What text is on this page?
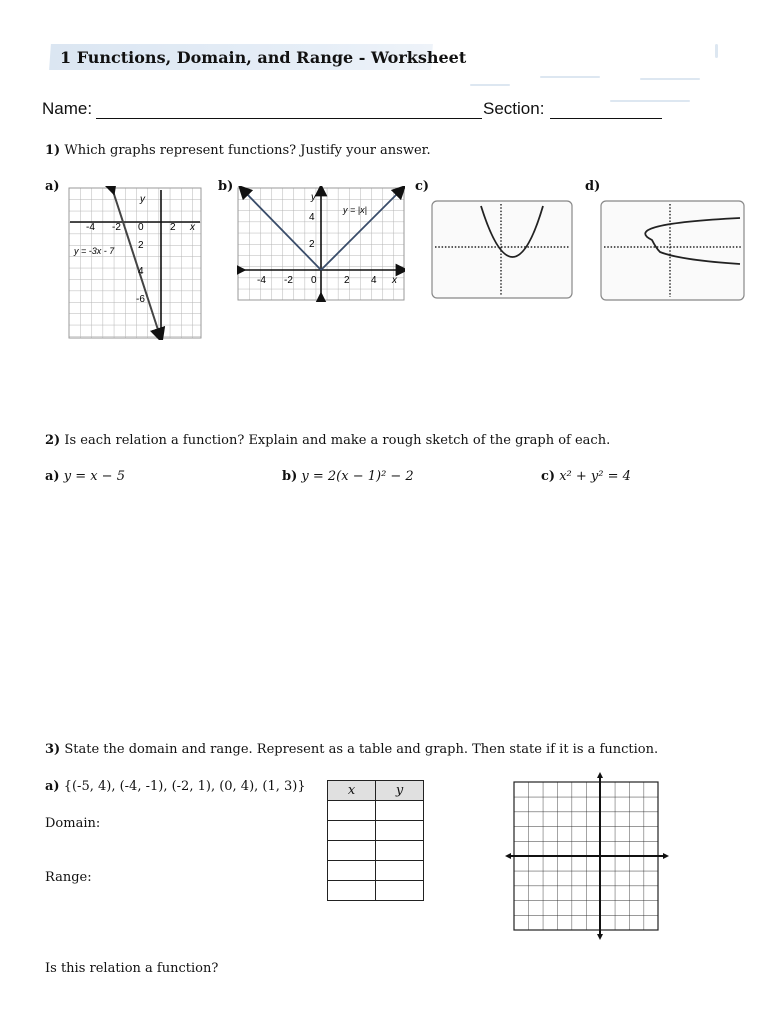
1 Functions, Domain, and Range - Worksheet
Name:	Section:
1) Which graphs represent functions? Justify your answer.
a)	b)	c)	d)
y
x
-4 -2 0	2
2
4
-6
y = -3x - 7
y
x
y = |x|
-4 -2 0	2 4
4
2
2) Is each relation a function? Explain and make a rough sketch of the graph of each.
a) y = x − 5	b) y = 2(x − 1)² − 2	c) x² + y² = 4
3) State the domain and range. Represent as a table and graph. Then state if it is a function.
a) {(-5, 4), (-4, -1), (-2, 1), (0, 4), (1, 3)}
Domain:
Range:
Is this relation a function?
x	y
